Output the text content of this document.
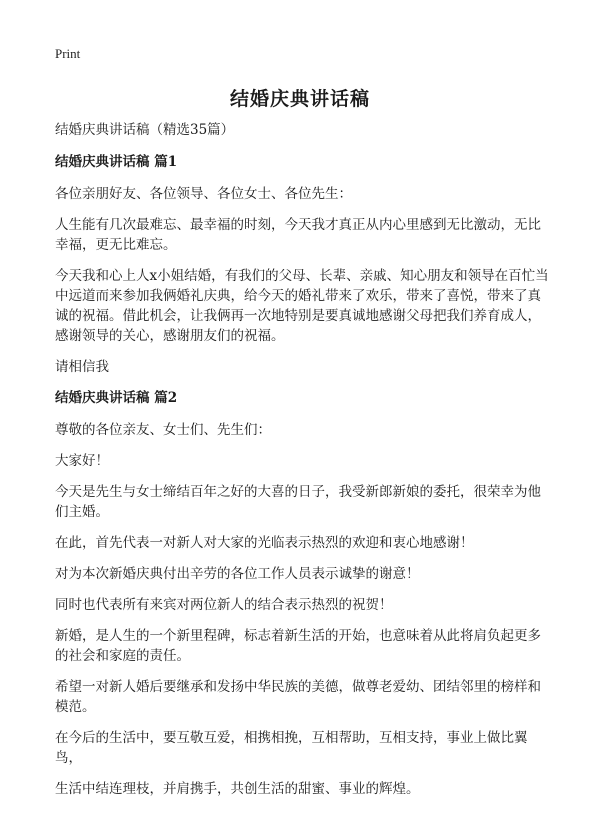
Print
结婚庆典讲话稿

结婚庆典讲话稿（精选35篇）

结婚庆典讲话稿 篇1

各位亲朋好友、各位领导、各位女士、各位先生：

人生能有几次最难忘、最幸福的时刻，今天我才真正从内心里感到无比激动，无比幸福，更无比难忘。

今天我和心上人x小姐结婚，有我们的父母、长辈、亲戚、知心朋友和领导在百忙当中远道而来参加我俩婚礼庆典，给今天的婚礼带来了欢乐，带来了喜悦，带来了真诚的祝福。借此机会，让我俩再一次地特别是要真诚地感谢父母把我们养育成人，感谢领导的关心，感谢朋友们的祝福。

请相信我

结婚庆典讲话稿 篇2

尊敬的各位亲友、女士们、先生们：

大家好！

今天是先生与女士缔结百年之好的大喜的日子，我受新郎新娘的委托，很荣幸为他们主婚。

在此，首先代表一对新人对大家的光临表示热烈的欢迎和衷心地感谢！

对为本次新婚庆典付出辛劳的各位工作人员表示诚挚的谢意！

同时也代表所有来宾对两位新人的结合表示热烈的祝贺！

新婚，是人生的一个新里程碑，标志着新生活的开始，也意味着从此将肩负起更多的社会和家庭的责任。

希望一对新人婚后要继承和发扬中华民族的美德，做尊老爱幼、团结邻里的榜样和模范。

在今后的生活中，要互敬互爱，相携相挽，互相帮助，互相支持，事业上做比翼鸟，

生活中结连理枝，并肩携手，共创生活的甜蜜、事业的辉煌。
